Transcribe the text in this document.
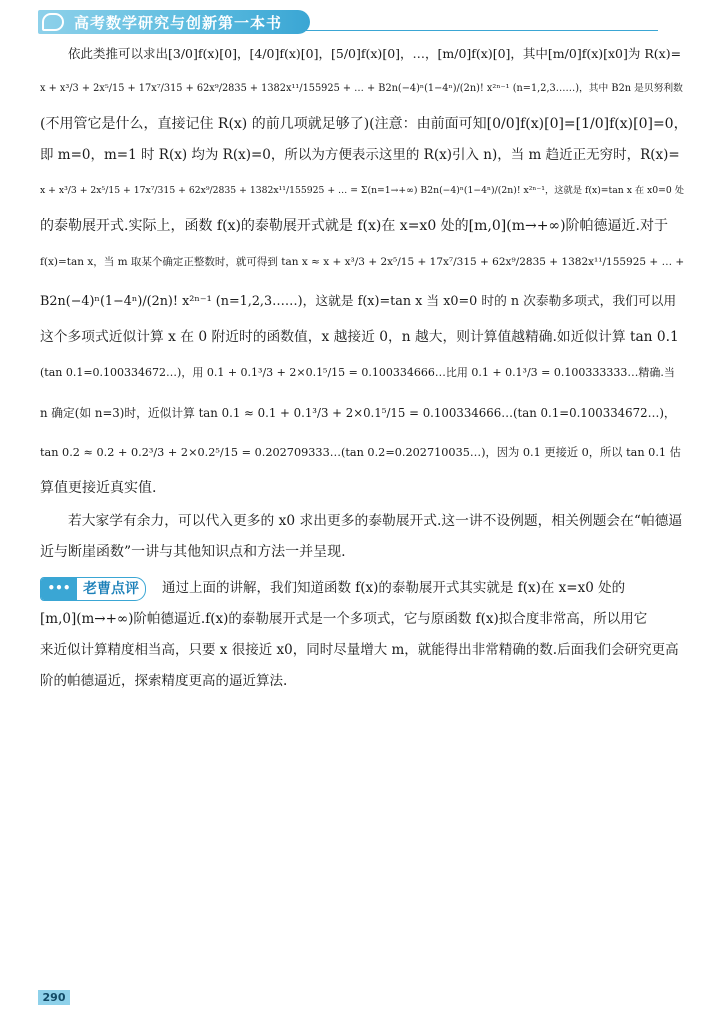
高考数学研究与创新第一本书
依此类推可以求出[3/0]f(x)[0]，[4/0]f(x)[0]，[5/0]f(x)[0]，…，[m/0]f(x)[0]，其中[m/0]f(x)[x0]为 R(x)=
x + x³/3 + 2x⁵/15 + 17x⁷/315 + 62x⁹/2835 + 1382x¹¹/155925 + … + B2n(−4)ⁿ(1−4ⁿ)/(2n)! x²ⁿ⁻¹ (n=1,2,3……)，其中 B2n 是贝努利数
(不用管它是什么，直接记住 R(x) 的前几项就足够了)(注意：由前面可知[0/0]f(x)[0]=[1/0]f(x)[0]=0，
即 m=0，m=1 时 R(x) 均为 R(x)=0，所以为方便表示这里的 R(x)引入 n)，当 m 趋近正无穷时，R(x)=
x + x³/3 + 2x⁵/15 + 17x⁷/315 + 62x⁹/2835 + 1382x¹¹/155925 + … = Σ(n=1→+∞) B2n(−4)ⁿ(1−4ⁿ)/(2n)! x²ⁿ⁻¹，这就是 f(x)=tan x 在 x0=0 处
的泰勒展开式.实际上，函数 f(x)的泰勒展开式就是 f(x)在 x=x0 处的[m,0](m→+∞)阶帕德逼近.对于
f(x)=tan x，当 m 取某个确定正整数时，就可得到 tan x ≈ x + x³/3 + 2x⁵/15 + 17x⁷/315 + 62x⁹/2835 + 1382x¹¹/155925 + … +
B2n(−4)ⁿ(1−4ⁿ)/(2n)! x²ⁿ⁻¹ (n=1,2,3……)，这就是 f(x)=tan x 当 x0=0 时的 n 次泰勒多项式，我们可以用
这个多项式近似计算 x 在 0 附近时的函数值，x 越接近 0，n 越大，则计算值越精确.如近似计算 tan 0.1
(tan 0.1=0.100334672…)，用 0.1 + 0.1³/3 + 2×0.1⁵/15 = 0.100334666…比用 0.1 + 0.1³/3 = 0.100333333…精确.当
n 确定(如 n=3)时，近似计算 tan 0.1 ≈ 0.1 + 0.1³/3 + 2×0.1⁵/15 = 0.100334666…(tan 0.1=0.100334672…)，
tan 0.2 ≈ 0.2 + 0.2³/3 + 2×0.2⁵/15 = 0.202709333…(tan 0.2=0.202710035…)，因为 0.1 更接近 0，所以 tan 0.1 估
算值更接近真实值.
若大家学有余力，可以代入更多的 x0 求出更多的泰勒展开式.这一讲不设例题，相关例题会在“帕德逼
近与断崖函数”一讲与其他知识点和方法一并呈现.
••• 老曹点评 通过上面的讲解，我们知道函数 f(x)的泰勒展开式其实就是 f(x)在 x=x0 处的
[m,0](m→+∞)阶帕德逼近.f(x)的泰勒展开式是一个多项式，它与原函数 f(x)拟合度非常高，所以用它
来近似计算精度相当高，只要 x 很接近 x0，同时尽量增大 m，就能得出非常精确的数.后面我们会研究更高
阶的帕德逼近，探索精度更高的逼近算法.
290
